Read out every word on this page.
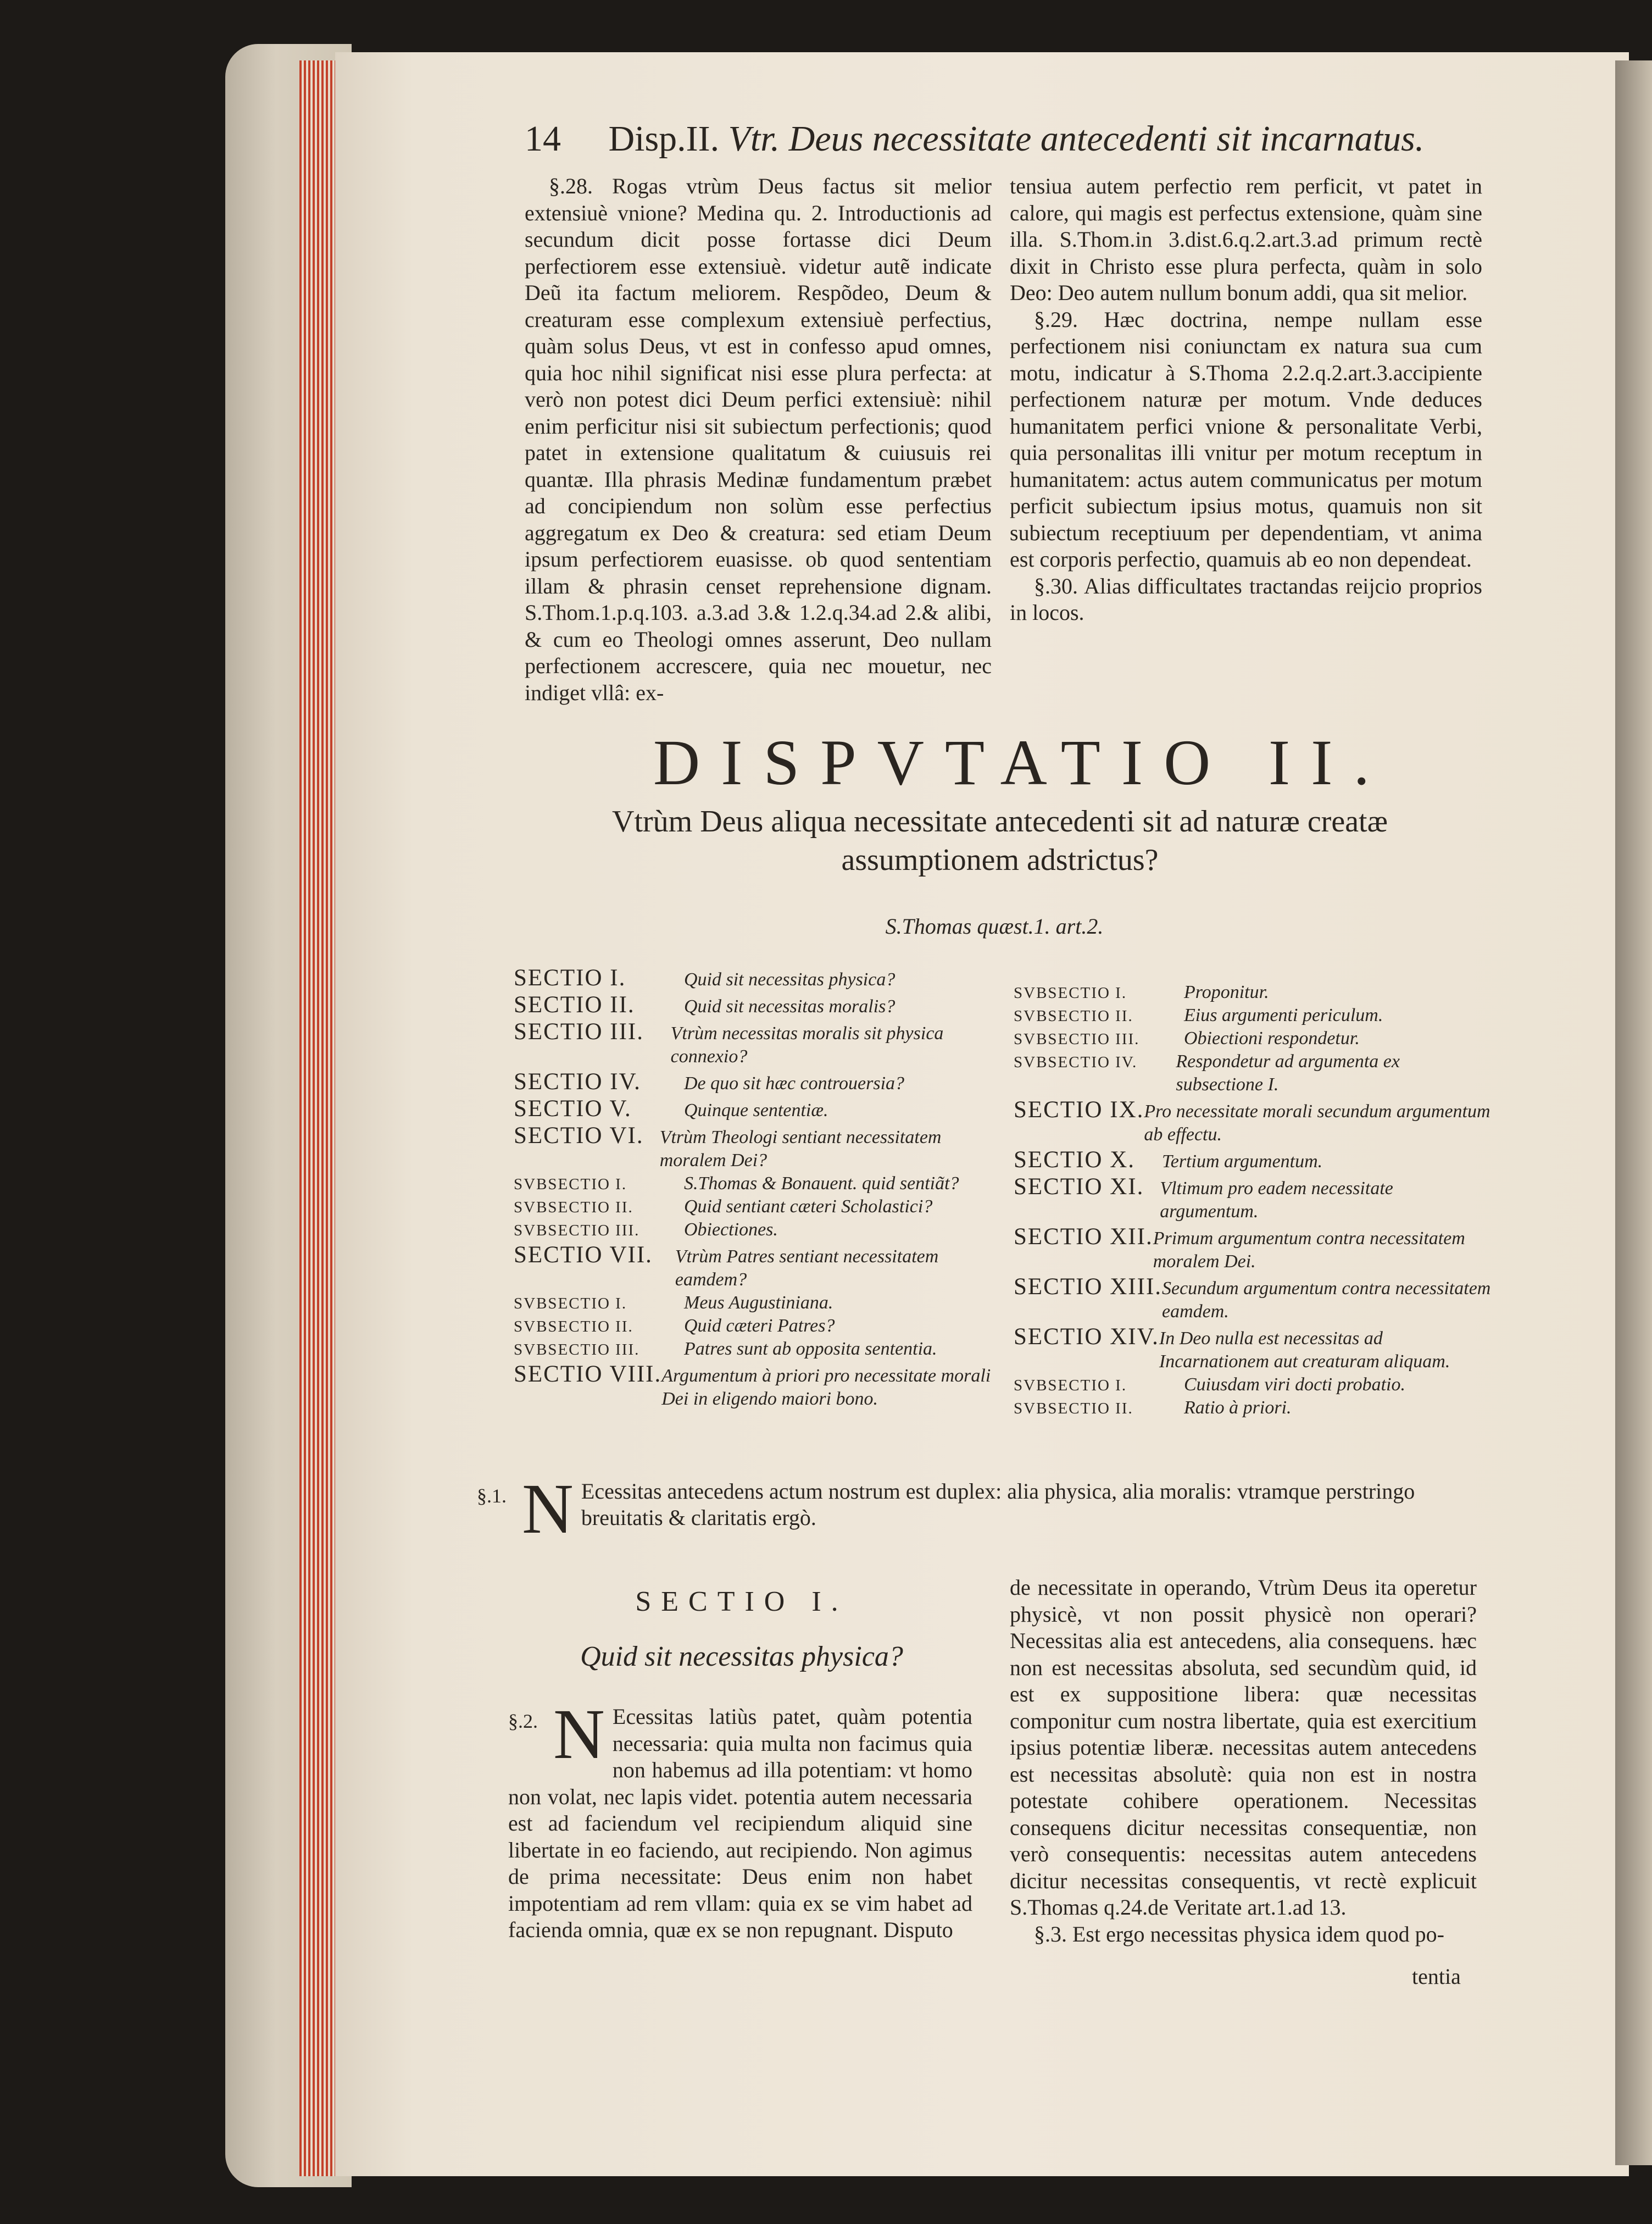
14 Disp.II. Vtr. Deus necessitate antecedenti sit incarnatus.

§.28. Rogas vtrùm Deus factus sit melior extensiuè vnione? Medina qu. 2. Introductionis ad secundum dicit posse fortasse dici Deum perfectiorem esse extensiuè. videtur autẽ indicate Deũ ita factum meliorem. Respõdeo, Deum & creaturam esse complexum extensiuè perfectius, quàm solus Deus, vt est in confesso apud omnes, quia hoc nihil significat nisi esse plura perfecta: at verò non potest dici Deum perfici extensiuè: nihil enim perficitur nisi sit subiectum perfectionis; quod patet in extensione qualitatum & cuiusuis rei quantæ. Illa phrasis Medinæ fundamentum præbet ad concipiendum non solùm esse perfectius aggregatum ex Deo & creatura: sed etiam Deum ipsum perfectiorem euasisse. ob quod sententiam illam & phrasin censet reprehensione dignam. S.Thom.1.p.q.103. a.3.ad 3.& 1.2.q.34.ad 2.& alibi, & cum eo Theologi omnes asserunt, Deo nullam perfectionem accrescere, quia nec mouetur, nec indiget vllâ: ex-

tensiua autem perfectio rem perficit, vt patet in calore, qui magis est perfectus extensione, quàm sine illa. S.Thom.in 3.dist.6.q.2.art.3.ad primum rectè dixit in Christo esse plura perfecta, quàm in solo Deo: Deo autem nullum bonum addi, qua sit melior.

§.29. Hæc doctrina, nempe nullam esse perfectionem nisi coniunctam ex natura sua cum motu, indicatur à S.Thoma 2.2.q.2.art.3.accipiente perfectionem naturæ per motum. Vnde deduces humanitatem perfici vnione & personalitate Verbi, quia personalitas illi vnitur per motum receptum in humanitatem: actus autem communicatus per motum perficit subiectum ipsius motus, quamuis non sit subiectum receptiuum per dependentiam, vt anima est corporis perfectio, quamuis ab eo non dependeat.

§.30. Alias difficultates tractandas reijcio proprios in locos.

DISPVTATIO II.
Vtrùm Deus aliqua necessitate antecedenti sit ad naturæ creatæ assumptionem adstrictus?
S.Thomas quæst.1. art.2.
SECTIO I.	Quid sit necessitas physica?
SECTIO II.	Quid sit necessitas moralis?
SECTIO III.	Vtrùm necessitas moralis sit physica connexio?
SECTIO IV.	De quo sit hæc controuersia?
SECTIO V.	Quinque sententiæ.
SECTIO VI. Vtrùm Theologi sentiant necessitatem moralem Dei?
SVBSECTIO I.	S.Thomas & Bonauent. quid sentiãt?
SVBSECTIO II.	Quid sentiant cæteri Scholastici?
SVBSECTIO III.	Obiectiones.
SECTIO VII.	Vtrùm Patres sentiant necessitatem eamdem?
SVBSECTIO I.	Meus Augustiniana.
SVBSECTIO II.	Quid cæteri Patres?
SVBSECTIO III.	Patres sunt ab opposita sententia.
SECTIO VIII. Argumentum à priori pro necessitate morali Dei in eligendo maiori bono.
SVBSECTIO I.	Proponitur.
SVBSECTIO II.	Eius argumenti periculum.
SVBSECTIO III.	Obiectioni respondetur.
SVBSECTIO IV.	Respondetur ad argumenta ex subsectione I.
SECTIO IX. Pro necessitate morali secundum argumentum ab effectu.
SECTIO X.	Tertium argumentum.
SECTIO XI. Vltimum pro eadem necessitate argumentum.
SECTIO XII. Primum argumentum contra necessitatem moralem Dei.
SECTIO XIII. Secundum argumentum contra necessitatem eamdem.
SECTIO XIV. In Deo nulla est necessitas ad Incarnationem aut creaturam aliquam.
SVBSECTIO I.	Cuiusdam viri docti probatio.
SVBSECTIO II.	Ratio à priori.
§.1. N Ecessitas antecedens actum nostrum est duplex: alia physica, alia moralis: vtramque perstringo breuitatis & claritatis ergò.
SECTIO I.
Quid sit necessitas physica?
§.2. N Ecessitas latiùs patet, quàm potentia necessaria: quia multa non facimus quia non habemus ad illa potentiam: vt homo non volat, nec lapis videt. potentia autem necessaria est ad faciendum vel recipiendum aliquid sine libertate in eo faciendo, aut recipiendo. Non agimus de prima necessitate: Deus enim non habet impotentiam ad rem vllam: quia ex se vim habet ad facienda omnia, quæ ex se non repugnant. Disputo

de necessitate in operando, Vtrùm Deus ita operetur physicè, vt non possit physicè non operari? Necessitas alia est antecedens, alia consequens. hæc non est necessitas absoluta, sed secundùm quid, id est ex suppositione libera: quæ necessitas componitur cum nostra libertate, quia est exercitium ipsius potentiæ liberæ. necessitas autem antecedens est necessitas absolutè: quia non est in nostra potestate cohibere operationem. Necessitas consequens dicitur necessitas consequentiæ, non verò consequentis: necessitas autem antecedens dicitur necessitas consequentis, vt rectè explicuit S.Thomas q.24.de Veritate art.1.ad 13.

§.3. Est ergo necessitas physica idem quod po-

tentia
